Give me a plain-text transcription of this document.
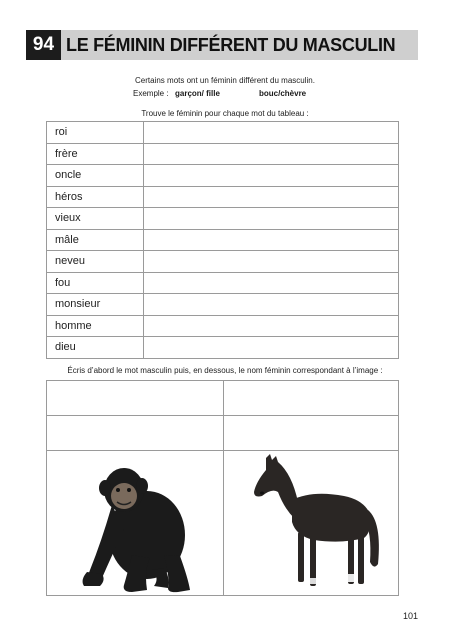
94 LE FÉMININ DIFFÉRENT DU MASCULIN
Certains mots ont un féminin différent du masculin.
Exemple : garçon/ fille	bouc/chèvre
Trouve le féminin pour chaque mot du tableau :
roi	
frère	
oncle	
héros	
vieux	
mâle	
neveu	
fou	
monsieur	
homme	
dieu	
Écris d’abord le mot masculin puis, en dessous, le nom féminin correspondant à l’image :
101
